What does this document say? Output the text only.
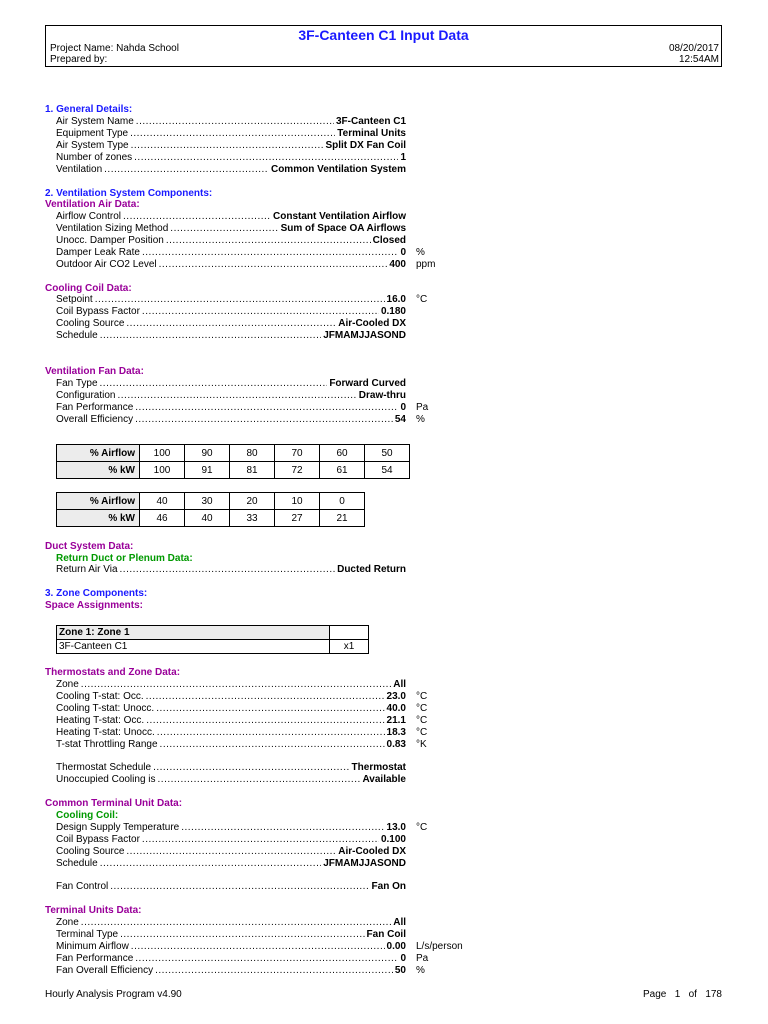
3F-Canteen C1 Input Data
Project Name: Nahda School
Prepared by:
08/20/2017
12:54AM
1. General Details:
Air System Name .....	3F-Canteen C1
Equipment Type .....	Terminal Units
Air System Type .....	Split DX Fan Coil
Number of zones .....	1
Ventilation .....	Common Ventilation System
2. Ventilation System Components:
Ventilation Air Data:
Airflow Control .....	Constant Ventilation Airflow
Ventilation Sizing Method .....	Sum of Space OA Airflows
Unocc. Damper Position .....	Closed
Damper Leak Rate .....	0 %
Outdoor Air CO2 Level .....	400 ppm
Cooling Coil Data:
Setpoint .....	16.0 °C
Coil Bypass Factor .....	0.180
Cooling Source .....	Air-Cooled DX
Schedule .....	JFMAMJJASOND
Ventilation Fan Data:
Fan Type .....	Forward Curved
Configuration .....	Draw-thru
Fan Performance .....	0 Pa
Overall Efficiency .....	54 %
% Airflow	100	90	80	70	60	50
% kW	100	91	81	72	61	54
% Airflow	40	30	20	10	0
% kW	46	40	33	27	21
Duct System Data:
Return Duct or Plenum Data:
Return Air Via .....	Ducted Return
3. Zone Components:
Space Assignments:
Zone 1: Zone 1	
3F-Canteen C1	x1
Thermostats and Zone Data:
Zone .....	All
Cooling T-stat: Occ. .....	23.0 °C
Cooling T-stat: Unocc. .....	40.0 °C
Heating T-stat: Occ. .....	21.1 °C
Heating T-stat: Unocc. .....	18.3 °C
T-stat Throttling Range .....	0.83 °K
Thermostat Schedule .....	Thermostat
Unoccupied Cooling is .....	Available
Common Terminal Unit Data:
Cooling Coil:
Design Supply Temperature .....	13.0 °C
Coil Bypass Factor .....	0.100
Cooling Source .....	Air-Cooled DX
Schedule .....	JFMAMJJASOND
Fan Control .....	Fan On
Terminal Units Data:
Zone .....	All
Terminal Type .....	Fan Coil
Minimum Airflow .....	0.00 L/s/person
Fan Performance .....	0 Pa
Fan Overall Efficiency .....	50 %
Hourly Analysis Program v4.90	Page 1 of 178
